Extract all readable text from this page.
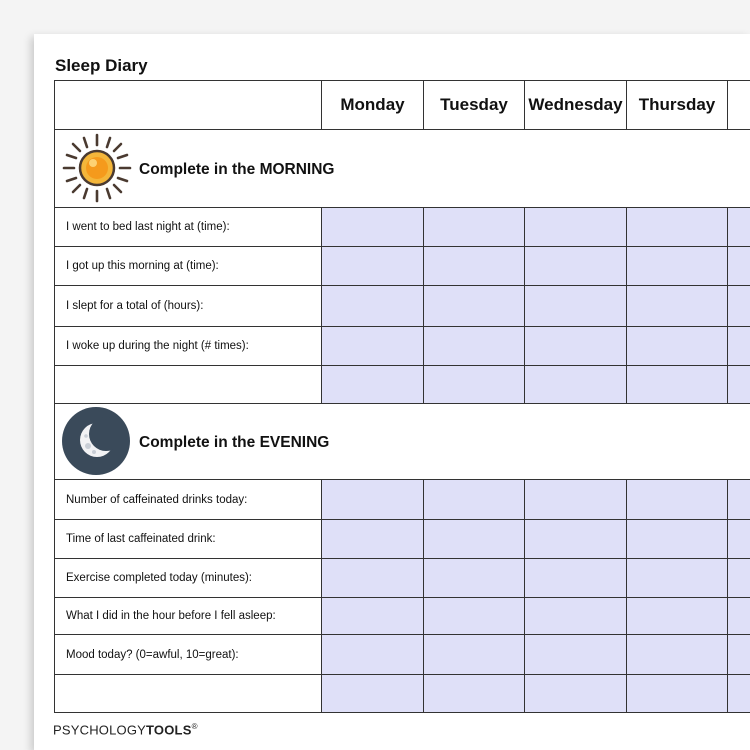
Sleep Diary
Monday	Tuesday	Wednesday Thursday
Complete in the MORNING
I went to bed last night at (time):
I got up this morning at (time):
I slept for a total of (hours):
I woke up during the night (# times):
Complete in the EVENING
Number of caffeinated drinks today:
Time of last caffeinated drink:
Exercise completed today (minutes):
What I did in the hour before I fell asleep:
Mood today? (0=awful, 10=great):
PSYCHOLOGYTOOLS®
